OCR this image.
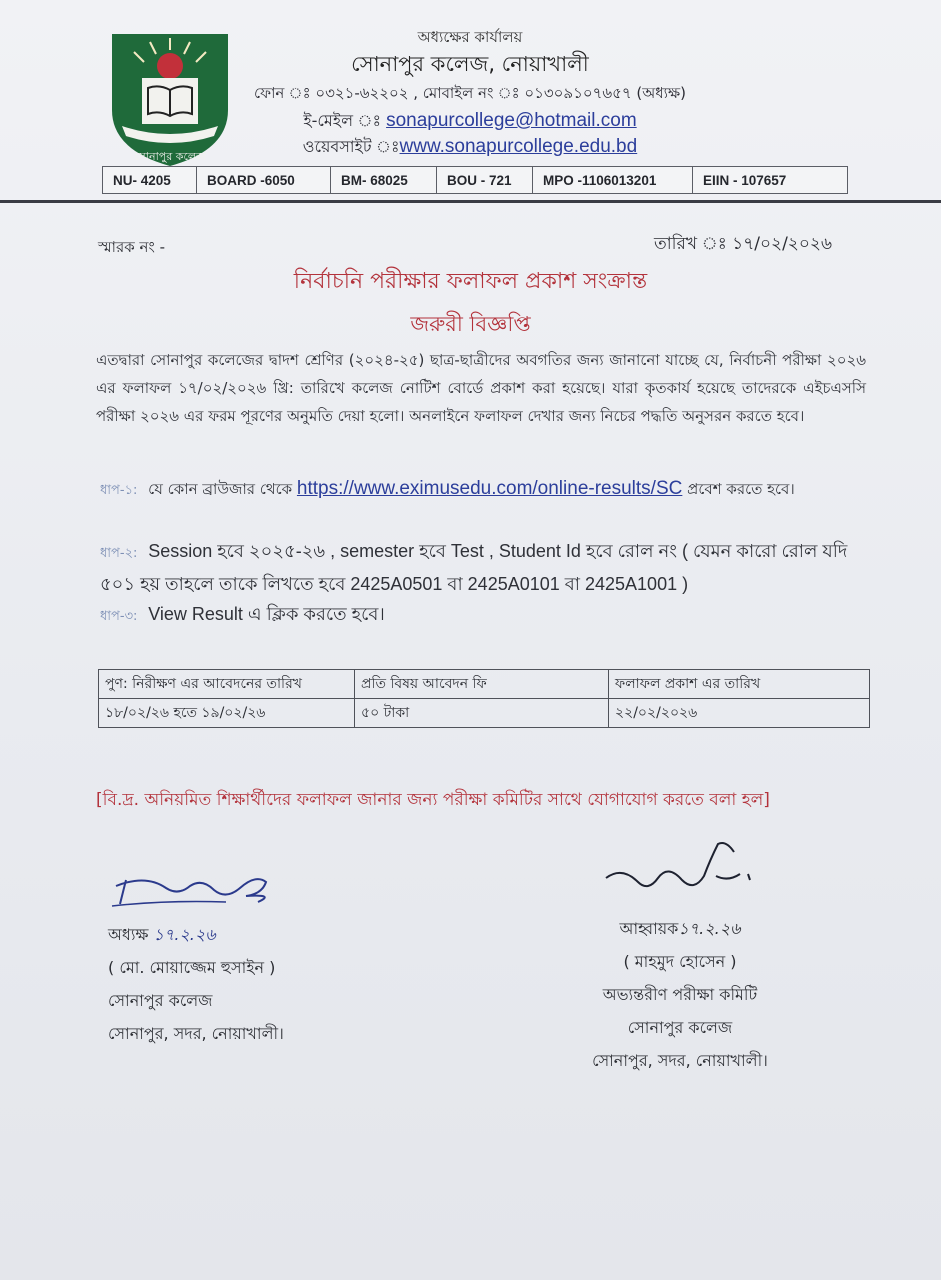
সোনাপুর কলেজ
অধ্যক্ষের কার্যালয়
সোনাপুর কলেজ, নোয়াখালী
ফোন ঃ ০৩২১-৬২২০২ , মোবাইল নং ঃ ০১৩০৯১০৭৬৫৭ (অধ্যক্ষ)
ই-মেইল ঃ sonapurcollege@hotmail.com
ওয়েবসাইট ঃwww.sonapurcollege.edu.bd
NU- 4205	BOARD -6050	BM- 68025	BOU - 721	MPO -1106013201	EIIN - 107657
স্মারক নং -	তারিখ ঃ ১৭/০২/২০২৬
নির্বাচনি পরীক্ষার ফলাফল প্রকাশ সংক্রান্ত
জরুরী বিজ্ঞপ্তি
এতদ্বারা সোনাপুর কলেজের দ্বাদশ শ্রেণির (২০২৪-২৫) ছাত্র-ছাত্রীদের অবগতির জন্য জানানো যাচ্ছে যে, নির্বাচনী পরীক্ষা ২০২৬ এর ফলাফল ১৭/০২/২০২৬ খ্রি: তারিখে কলেজ নোটিশ বোর্ডে প্রকাশ করা হয়েছে। যারা কৃতকার্য হয়েছে তাদেরকে এইচএসসি পরীক্ষা ২০২৬ এর ফরম পূরণের অনুমতি দেয়া হলো। অনলাইনে ফলাফল দেখার জন্য নিচের পদ্ধতি অনুসরন করতে হবে।
ধাপ-১: যে কোন ব্রাউজার থেকে https://www.eximusedu.com/online-results/SC প্রবেশ করতে হবে।
ধাপ-২: Session হবে ২০২৫-২৬ , semester হবে Test , Student Id হবে রোল নং ( যেমন কারো রোল যদি ৫০১ হয় তাহলে তাকে লিখতে হবে 2425A0501 বা 2425A0101 বা 2425A1001 )
ধাপ-৩: View Result এ ক্লিক করতে হবে।
পুণ: নিরীক্ষণ এর আবেদনের তারিখ	প্রতি বিষয় আবেদন ফি	ফলাফল প্রকাশ এর তারিখ
১৮/০২/২৬ হতে ১৯/০২/২৬	৫০ টাকা	২২/০২/২০২৬
[বি.দ্র. অনিয়মিত শিক্ষার্থীদের ফলাফল জানার জন্য পরীক্ষা কমিটির সাথে যোগাযোগ করতে বলা হল]
অধ্যক্ষ ১৭.২.২৬
( মো. মোয়াজ্জেম হুসাইন )
সোনাপুর কলেজ
সোনাপুর, সদর, নোয়াখালী।
আহ্বায়ক১৭.২.২৬
( মাহমুদ হোসেন )
অভ্যন্তরীণ পরীক্ষা কমিটি
সোনাপুর কলেজ
সোনাপুর, সদর, নোয়াখালী।
